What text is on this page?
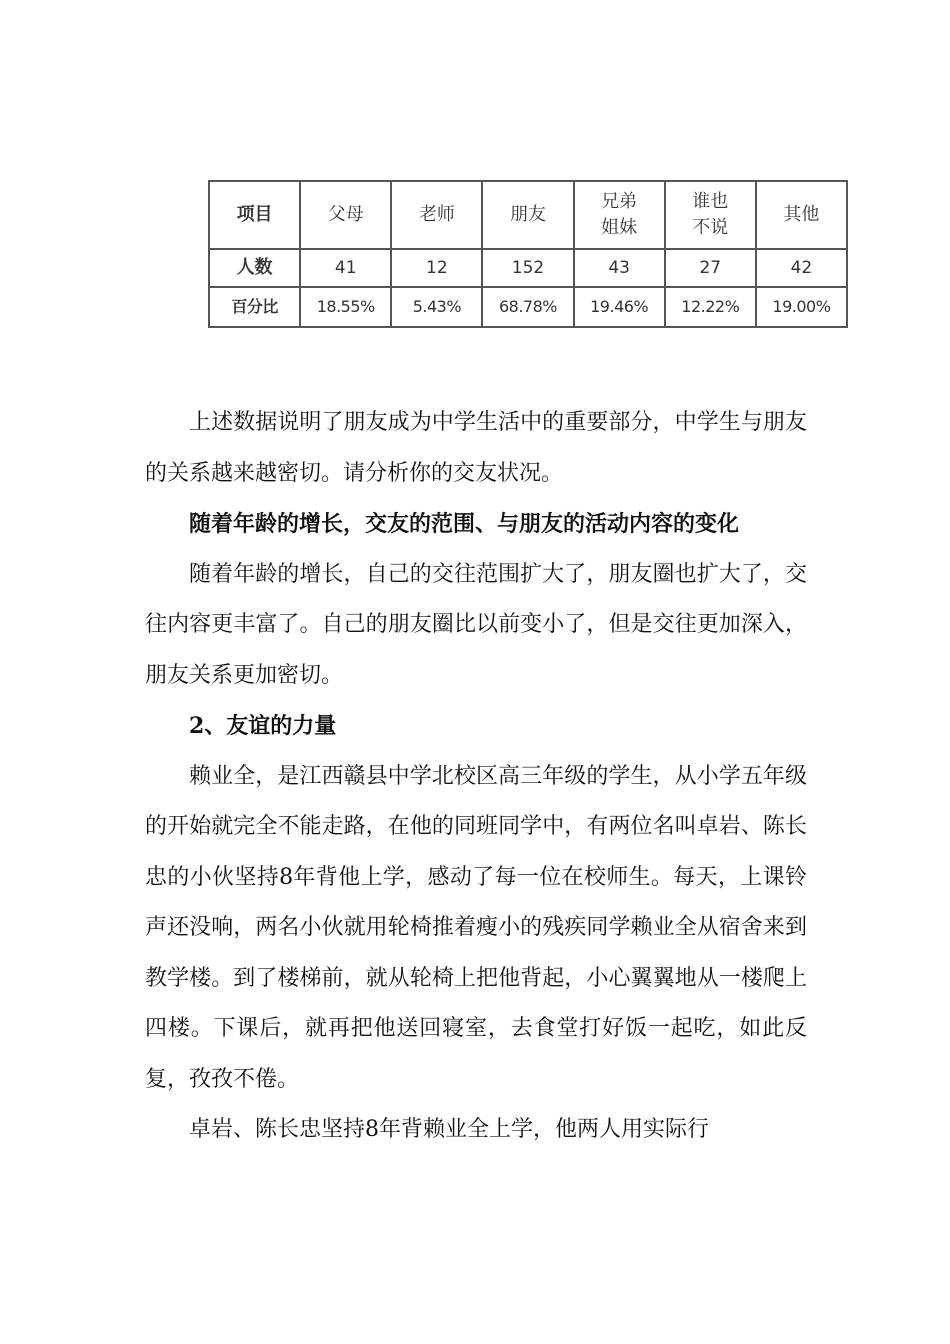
项目	父母	老师	朋友	兄弟姐妹	谁也不说	其他
人数	41	12	152	43	27	42
百分比	18.55%	5.43%	68.78%	19.46%	12.22%	19.00%

上述数据说明了朋友成为中学生活中的重要部分，中学生与朋友的关系越来越密切。请分析你的交友状况。

随着年龄的增长，交友的范围、与朋友的活动内容的变化

随着年龄的增长，自己的交往范围扩大了，朋友圈也扩大了，交往内容更丰富了。自己的朋友圈比以前变小了，但是交往更加深入，朋友关系更加密切。

2、友谊的力量

赖业全，是江西赣县中学北校区高三年级的学生，从小学五年级的开始就完全不能走路，在他的同班同学中，有两位名叫卓岩、陈长忠的小伙坚持8年背他上学，感动了每一位在校师生。每天，上课铃声还没响，两名小伙就用轮椅推着瘦小的残疾同学赖业全从宿舍来到教学楼。到了楼梯前，就从轮椅上把他背起，小心翼翼地从一楼爬上四楼。下课后，就再把他送回寝室，去食堂打好饭一起吃，如此反复，孜孜不倦。

卓岩、陈长忠坚持8年背赖业全上学，他两人用实际行
